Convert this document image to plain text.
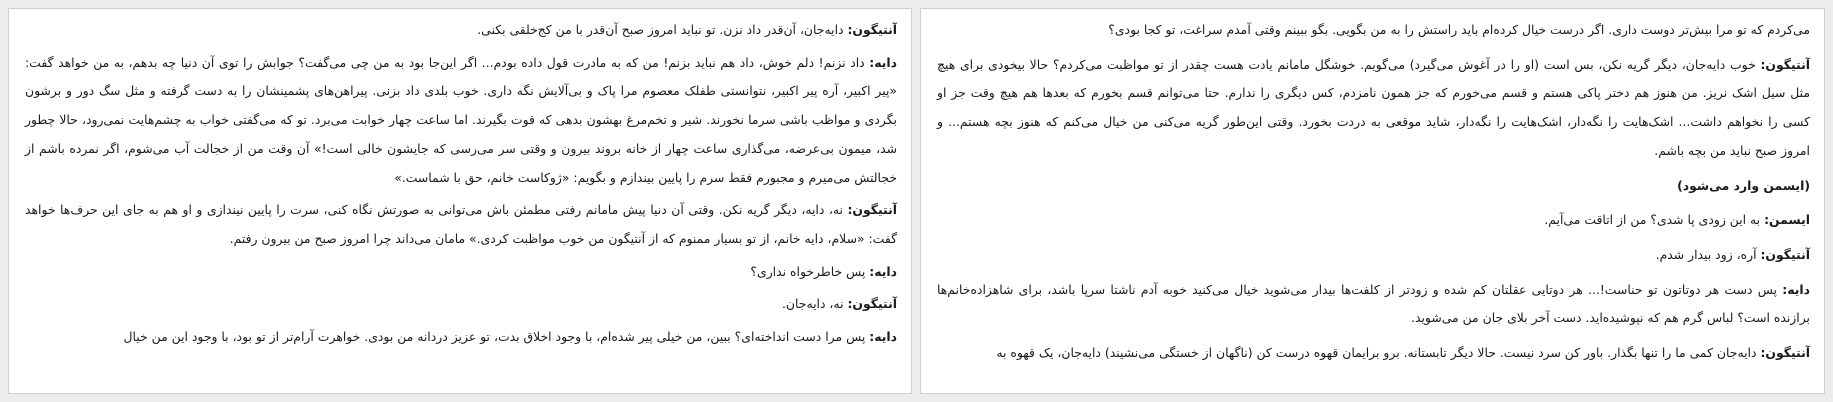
آنتیگون: دایه‌جان، آن‌قدر داد نزن. تو نباید امروز صبح آن‌قدر با من کج‌خلقی بکنی.

دایه: داد نزنم! دلم خوش، داد هم نباید بزنم! من که به مادرت قول داده بودم... اگر این‌جا بود به من چی می‌گفت؟ جوابش را توی آن دنیا چه بدهم، به من خواهد گفت: «پیر اکبیر، آره پیر اکبیر، نتوانستی طفلک معصوم مرا پاک و بی‌آلایش نگه داری. خوب بلدی داد بزنی. پیراهن‌های پشمینشان را به دست گرفته و مثل سگ دور و برشون بگردی و مواظب باشی سرما نخورند. شیر و تخم‌مرغ بهشون بدهی که قوت بگیرند. اما ساعت چهار خوابت می‌برد. تو که می‌گفتی خواب به چشم‌هایت نمی‌رود، حالا چطور شد، میمون بی‌عرضه، می‌گذاری ساعت چهار از خانه بروند بیرون و وقتی سر می‌رسی که جایشون خالی است!» آن وقت من از خجالت آب می‌شوم، اگر نمرده باشم از خجالتش می‌میرم و مجبورم فقط سرم را پایین بیندازم و بگویم: «ژوکاست خانم، حق با شماست.»

آنتیگون: نه، دایه، دیگر گریه نکن. وقتی آن دنیا پیش مامانم رفتی مطمئن باش می‌توانی به صورتش نگاه کنی، سرت را پایین نیندازی و او هم به جای این حرف‌ها خواهد گفت: «سلام، دایه خانم، از تو بسیار ممنوم که از آنتیگون من خوب مواظبت کردی.» مامان می‌داند چرا امروز صبح من بیرون رفتم.

دایه: پس خاطرخواه نداری؟

آنتیگون: نه، دایه‌جان.

دایه: پس مرا دست انداخته‌ای؟ ببین، من خیلی پیر شده‌ام، با وجود اخلاق بدت، تو عزیز دردانه من بودی. خواهرت آرام‌تر از تو بود، با وجود این من خیال

می‌کردم که تو مرا بیش‌تر دوست داری. اگر درست خیال کرده‌ام باید راستش را به من بگویی. بگو ببینم وقتی آمدم سراغت، تو کجا بودی؟

آنتیگون: خوب دایه‌جان، دیگر گریه نکن، بس است (او را در آغوش می‌گیرد) می‌گویم. خوشگل مامانم یادت هست چقدر از تو مواظبت می‌کردم؟ حالا بیخودی برای هیچ مثل سیل اشک نریز. من هنوز هم دختر پاکی هستم و قسم می‌خورم که جز همون نامزدم، کس دیگری را ندارم. حتا می‌توانم قسم بخورم که بعدها هم هیچ وقت جز او کسی را نخواهم داشت... اشک‌هایت را نگه‌دار، اشک‌هایت را نگه‌دار، شاید موقعی به دردت بخورد. وقتی این‌طور گریه می‌کنی من خیال می‌کنم که هنوز بچه هستم... و امروز صبح نباید من بچه باشم.

(ایسمن وارد می‌شود)

ایسمن: به این زودی پا شدی؟ من از اتاقت می‌آیم.

آنتیگون: آره، زود بیدار شدم.

دایه: پس دست هر دوتاتون تو حناست!... هر دوتایی عقلتان کم شده و زودتر از کلفت‌ها بیدار می‌شوید خیال می‌کنید خوبه آدم ناشتا سرپا باشد، برای شاهزاده‌خانم‌ها برازنده است؟ لباس گرم هم که نپوشیده‌اید. دست آخر بلای جان من می‌شوید.

آنتیگون: دایه‌جان کمی ما را تنها بگذار. باور کن سرد نیست. حالا دیگر تابستانه. برو برایمان قهوه درست کن (ناگهان از خستگی می‌نشیند) دایه‌جان، یک قهوه به
